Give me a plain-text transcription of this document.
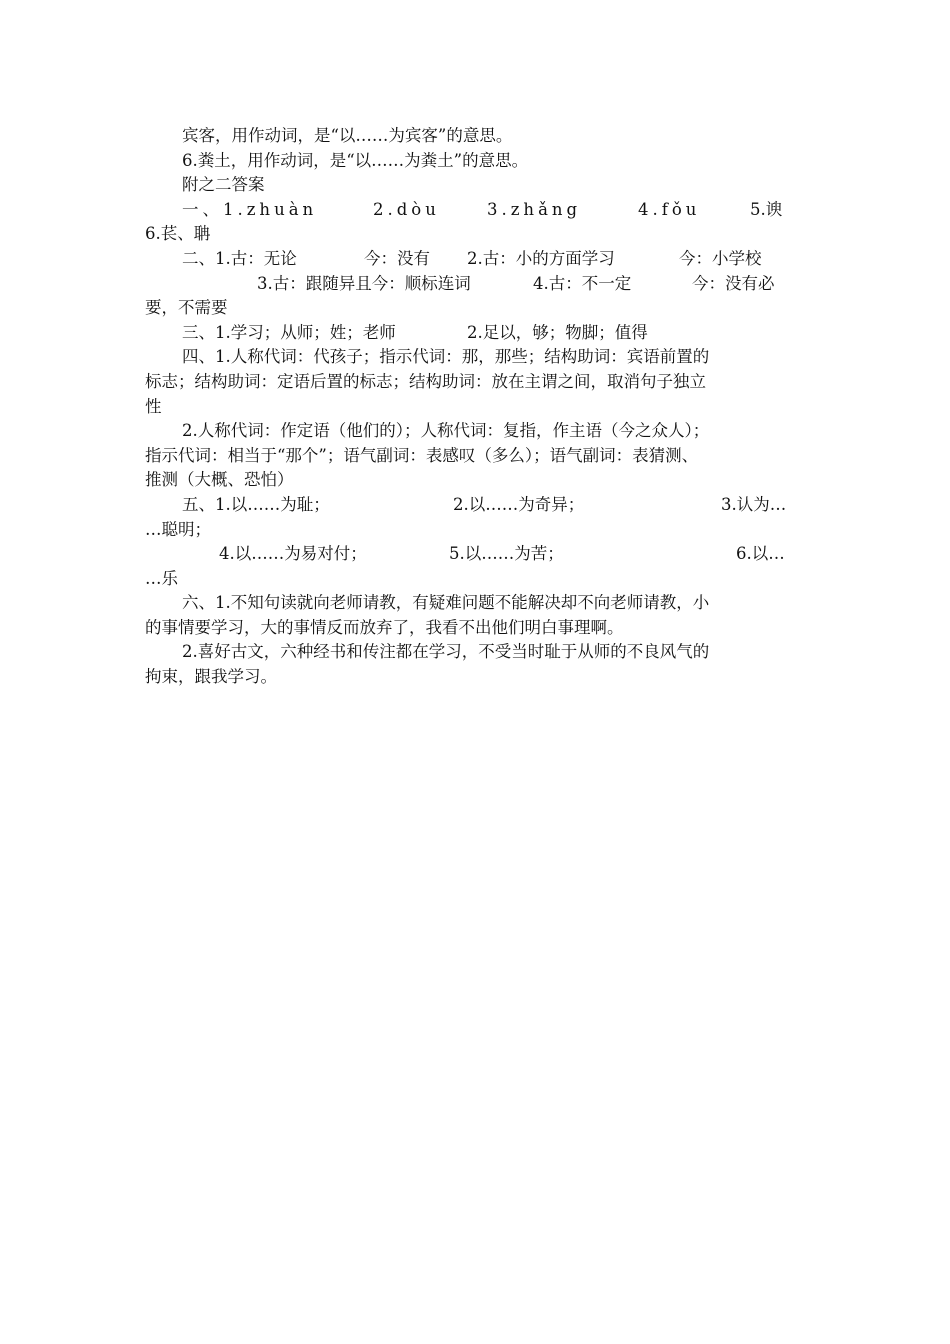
宾客，用作动词，是“以……为宾客”的意思。
6.粪土，用作动词，是“以……为粪土”的意思。
附之二答案
一、1.zhuàn	2.dòu	3.zhǎng	4.fǒu	5.谀
6.苌、聃
二、1.古：无论	今：没有	2.古：小的方面学习	今：小学校
3.古：跟随异且今：顺标连词	4.古：不一定	今：没有必
要，不需要
三、1.学习；从师；姓；老师	2.足以，够；物脚；值得
四、1.人称代词：代孩子；指示代词：那，那些；结构助词：宾语前置的
标志；结构助词：定语后置的标志；结构助词：放在主谓之间，取消句子独立
性
2.人称代词：作定语（他们的）；人称代词：复指，作主语（今之众人）；
指示代词：相当于“那个”；语气副词：表感叹（多么）；语气副词：表猜测、
推测（大概、恐怕）
五、1.以……为耻；	2.以……为奇异；	3.认为…
…聪明；
4.以……为易对付；	5.以……为苦；	6.以…
…乐
六、1.不知句读就向老师请教，有疑难问题不能解决却不向老师请教，小
的事情要学习，大的事情反而放弃了，我看不出他们明白事理啊。
2.喜好古文，六种经书和传注都在学习，不受当时耻于从师的不良风气的
拘束，跟我学习。
